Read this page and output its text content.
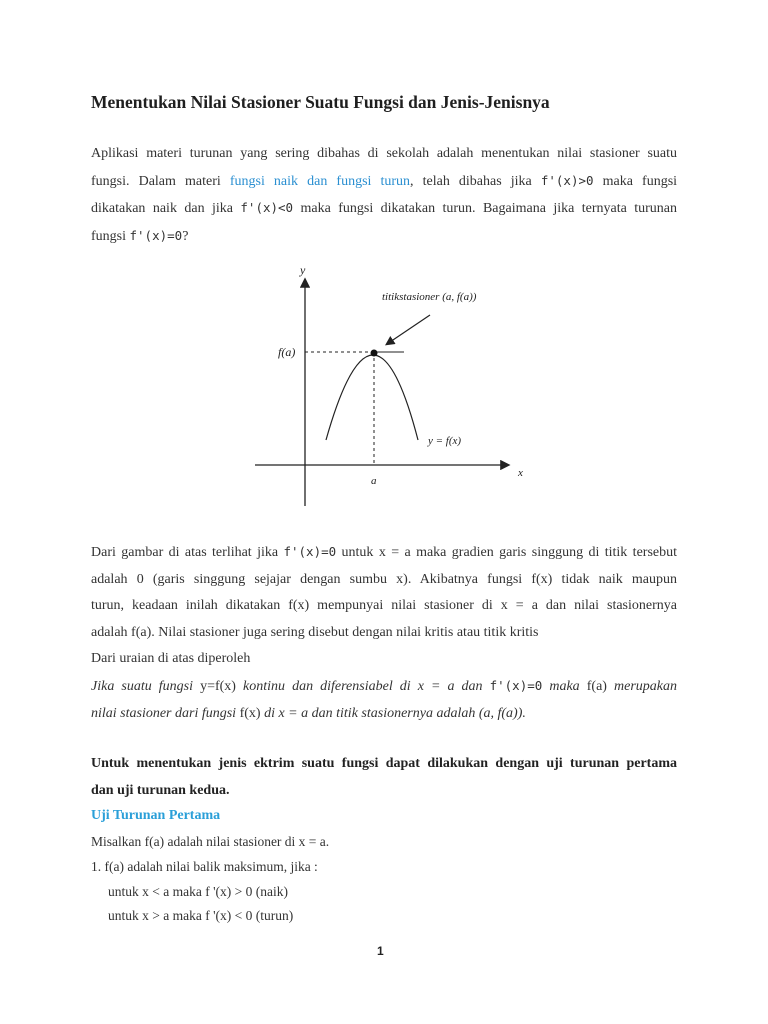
Menentukan Nilai Stasioner Suatu Fungsi dan Jenis-Jenisnya
Aplikasi materi turunan yang sering dibahas di sekolah adalah menentukan nilai stasioner suatu
fungsi. Dalam materi fungsi naik dan fungsi turun, telah dibahas jika f'(x)>0 maka fungsi
dikatakan naik dan jika f'(x)<0 maka fungsi dikatakan turun. Bagaimana jika ternyata turunan
fungsi f'(x)=0?
y
x
f(a)
a
titikstasioner (a, f(a))
y = f(x)
Dari gambar di atas terlihat jika f'(x)=0 untuk x = a maka gradien garis singgung di titik tersebut
adalah 0 (garis singgung sejajar dengan sumbu x). Akibatnya fungsi f(x) tidak naik maupun
turun, keadaan inilah dikatakan f(x) mempunyai nilai stasioner di x = a dan nilai stasionernya
adalah f(a). Nilai stasioner juga sering disebut dengan nilai kritis atau titik kritis
Dari uraian di atas diperoleh
Jika suatu fungsi y=f(x) kontinu dan diferensiabel di x = a dan f'(x)=0 maka f(a) merupakan
nilai stasioner dari fungsi f(x) di x = a dan titik stasionernya adalah (a, f(a)).
Untuk menentukan jenis ektrim suatu fungsi dapat dilakukan dengan uji turunan pertama
dan uji turunan kedua.

Uji Turunan Pertama

Misalkan f(a) adalah nilai stasioner di x = a.

1. f(a) adalah nilai balik maksimum, jika :

untuk x < a maka f '(x) > 0 (naik)

untuk x > a maka f '(x) < 0 (turun)

1
